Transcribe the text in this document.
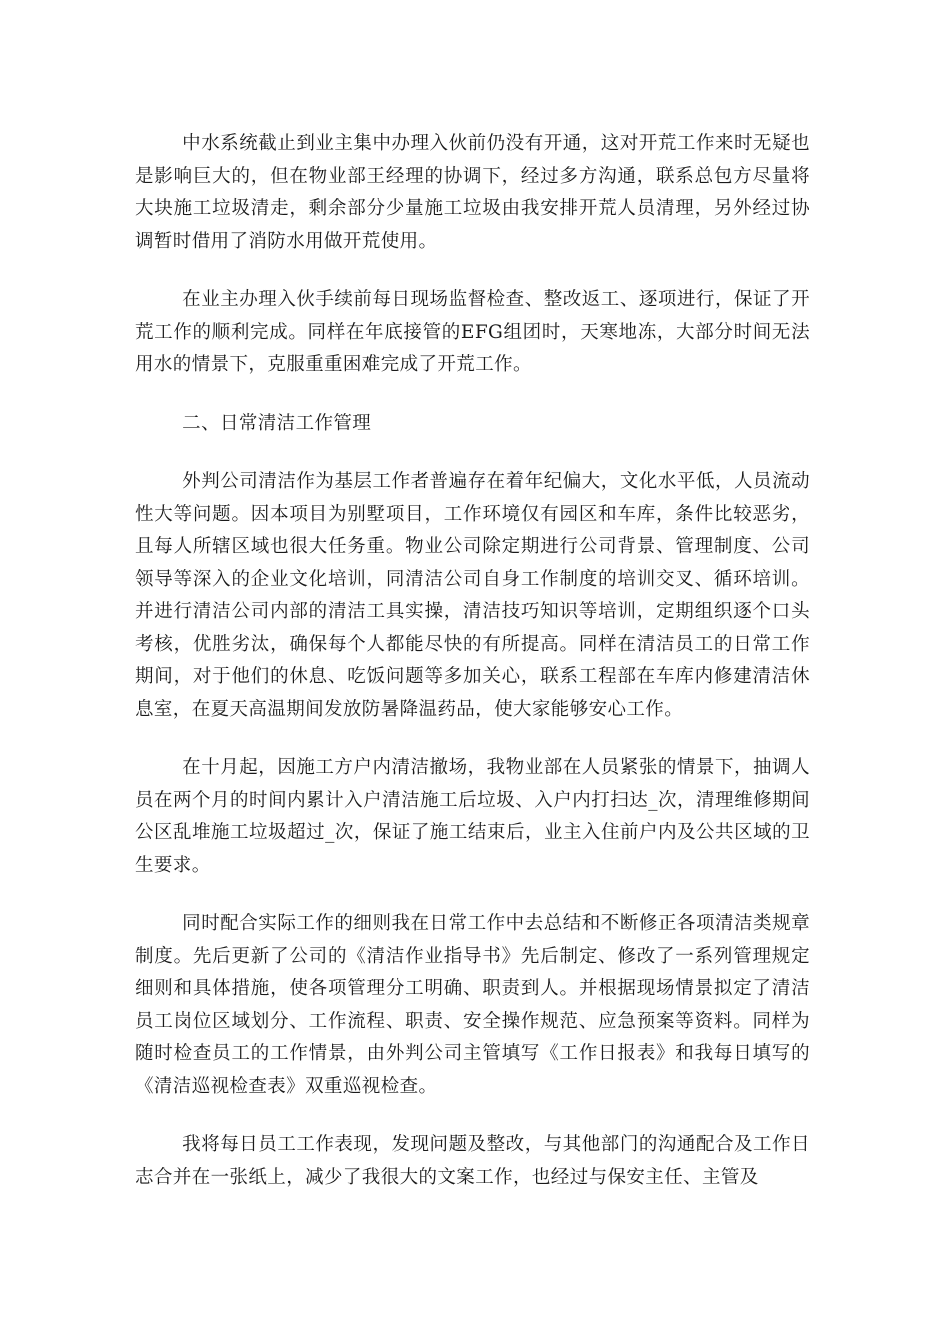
中水系统截止到业主集中办理入伙前仍没有开通，这对开荒工作来时无疑也是影响巨大的，但在物业部王经理的协调下，经过多方沟通，联系总包方尽量将大块施工垃圾清走，剩余部分少量施工垃圾由我安排开荒人员清理，另外经过协调暂时借用了消防水用做开荒使用。

在业主办理入伙手续前每日现场监督检查、整改返工、逐项进行，保证了开荒工作的顺利完成。同样在年底接管的EFG组团时，天寒地冻，大部分时间无法用水的情景下，克服重重困难完成了开荒工作。

二、日常清洁工作管理

外判公司清洁作为基层工作者普遍存在着年纪偏大，文化水平低，人员流动性大等问题。因本项目为别墅项目，工作环境仅有园区和车库，条件比较恶劣，且每人所辖区域也很大任务重。物业公司除定期进行公司背景、管理制度、公司领导等深入的企业文化培训，同清洁公司自身工作制度的培训交叉、循环培训。并进行清洁公司内部的清洁工具实操，清洁技巧知识等培训，定期组织逐个口头考核，优胜劣汰，确保每个人都能尽快的有所提高。同样在清洁员工的日常工作期间，对于他们的休息、吃饭问题等多加关心，联系工程部在车库内修建清洁休息室，在夏天高温期间发放防暑降温药品，使大家能够安心工作。

在十月起，因施工方户内清洁撤场，我物业部在人员紧张的情景下，抽调人员在两个月的时间内累计入户清洁施工后垃圾、入户内打扫达_次，清理维修期间公区乱堆施工垃圾超过_次，保证了施工结束后，业主入住前户内及公共区域的卫生要求。

同时配合实际工作的细则我在日常工作中去总结和不断修正各项清洁类规章制度。先后更新了公司的《清洁作业指导书》先后制定、修改了一系列管理规定细则和具体措施，使各项管理分工明确、职责到人。并根据现场情景拟定了清洁员工岗位区域划分、工作流程、职责、安全操作规范、应急预案等资料。同样为随时检查员工的工作情景，由外判公司主管填写《工作日报表》和我每日填写的《清洁巡视检查表》双重巡视检查。

我将每日员工工作表现，发现问题及整改，与其他部门的沟通配合及工作日志合并在一张纸上，减少了我很大的文案工作，也经过与保安主任、主管及
